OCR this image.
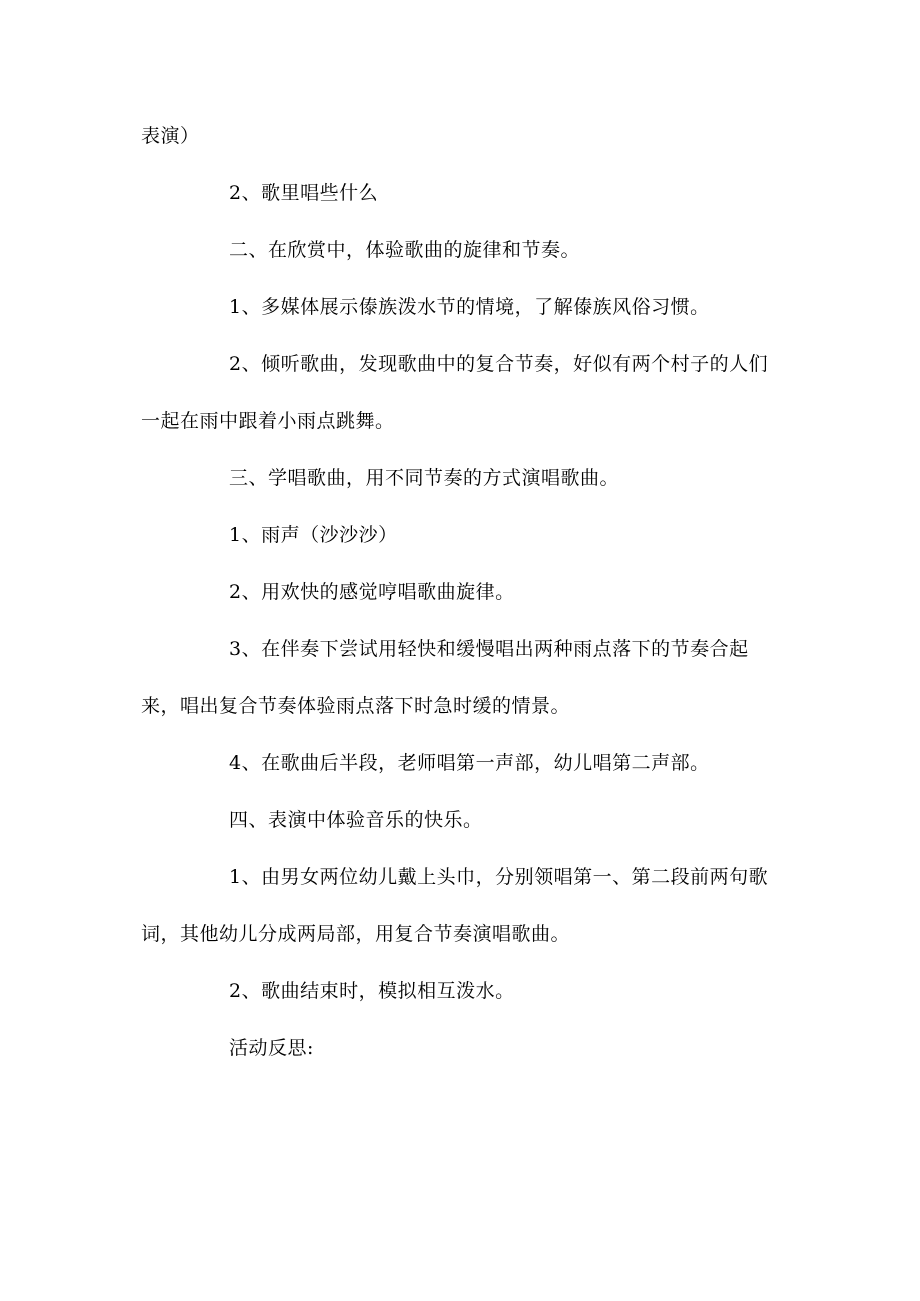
表演）
2、歌里唱些什么
二、在欣赏中，体验歌曲的旋律和节奏。
1、多媒体展示傣族泼水节的情境，了解傣族风俗习惯。
2、倾听歌曲，发现歌曲中的复合节奏，好似有两个村子的人们
一起在雨中跟着小雨点跳舞。
三、学唱歌曲，用不同节奏的方式演唱歌曲。
1、雨声（沙沙沙）
2、用欢快的感觉哼唱歌曲旋律。
3、在伴奏下尝试用轻快和缓慢唱出两种雨点落下的节奏合起
来，唱出复合节奏体验雨点落下时急时缓的情景。
4、在歌曲后半段，老师唱第一声部，幼儿唱第二声部。
四、表演中体验音乐的快乐。
1、由男女两位幼儿戴上头巾，分别领唱第一、第二段前两句歌
词，其他幼儿分成两局部，用复合节奏演唱歌曲。
2、歌曲结束时，模拟相互泼水。
活动反思:
